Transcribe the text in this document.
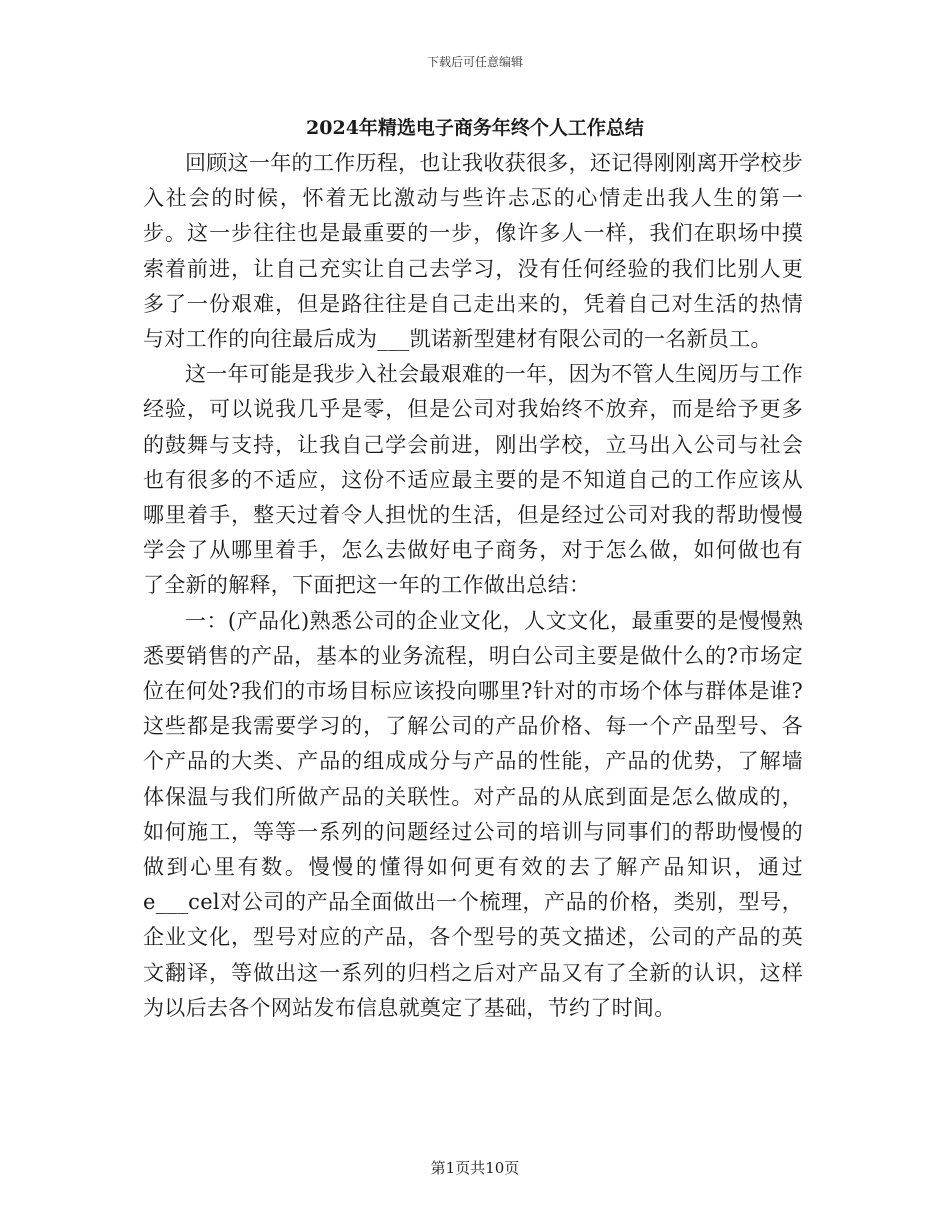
下载后可任意编辑
2024年精选电子商务年终个人工作总结

回顾这一年的工作历程，也让我收获很多，还记得刚刚离开学校步入社会的时候，怀着无比激动与些许忐忑的心情走出我人生的第一步。这一步往往也是最重要的一步，像许多人一样，我们在职场中摸索着前进，让自己充实让自己去学习，没有任何经验的我们比别人更多了一份艰难，但是路往往是自己走出来的，凭着自己对生活的热情与对工作的向往最后成为___凯诺新型建材有限公司的一名新员工。

这一年可能是我步入社会最艰难的一年，因为不管人生阅历与工作经验，可以说我几乎是零，但是公司对我始终不放弃，而是给予更多的鼓舞与支持，让我自己学会前进，刚出学校，立马出入公司与社会也有很多的不适应，这份不适应最主要的是不知道自己的工作应该从哪里着手，整天过着令人担忧的生活，但是经过公司对我的帮助慢慢学会了从哪里着手，怎么去做好电子商务，对于怎么做，如何做也有了全新的解释，下面把这一年的工作做出总结：

一：(产品化)熟悉公司的企业文化，人文文化，最重要的是慢慢熟悉要销售的产品，基本的业务流程，明白公司主要是做什么的?市场定位在何处?我们的市场目标应该投向哪里?针对的市场个体与群体是谁?这些都是我需要学习的，了解公司的产品价格、每一个产品型号、各个产品的大类、产品的组成成分与产品的性能，产品的优势，了解墙体保温与我们所做产品的关联性。对产品的从底到面是怎么做成的，如何施工，等等一系列的问题经过公司的培训与同事们的帮助慢慢的做到心里有数。慢慢的懂得如何更有效的去了解产品知识，通过e___cel对公司的产品全面做出一个梳理，产品的价格，类别，型号，企业文化，型号对应的产品，各个型号的英文描述，公司的产品的英文翻译，等做出这一系列的归档之后对产品又有了全新的认识，这样为以后去各个网站发布信息就奠定了基础，节约了时间。

第1页共10页
